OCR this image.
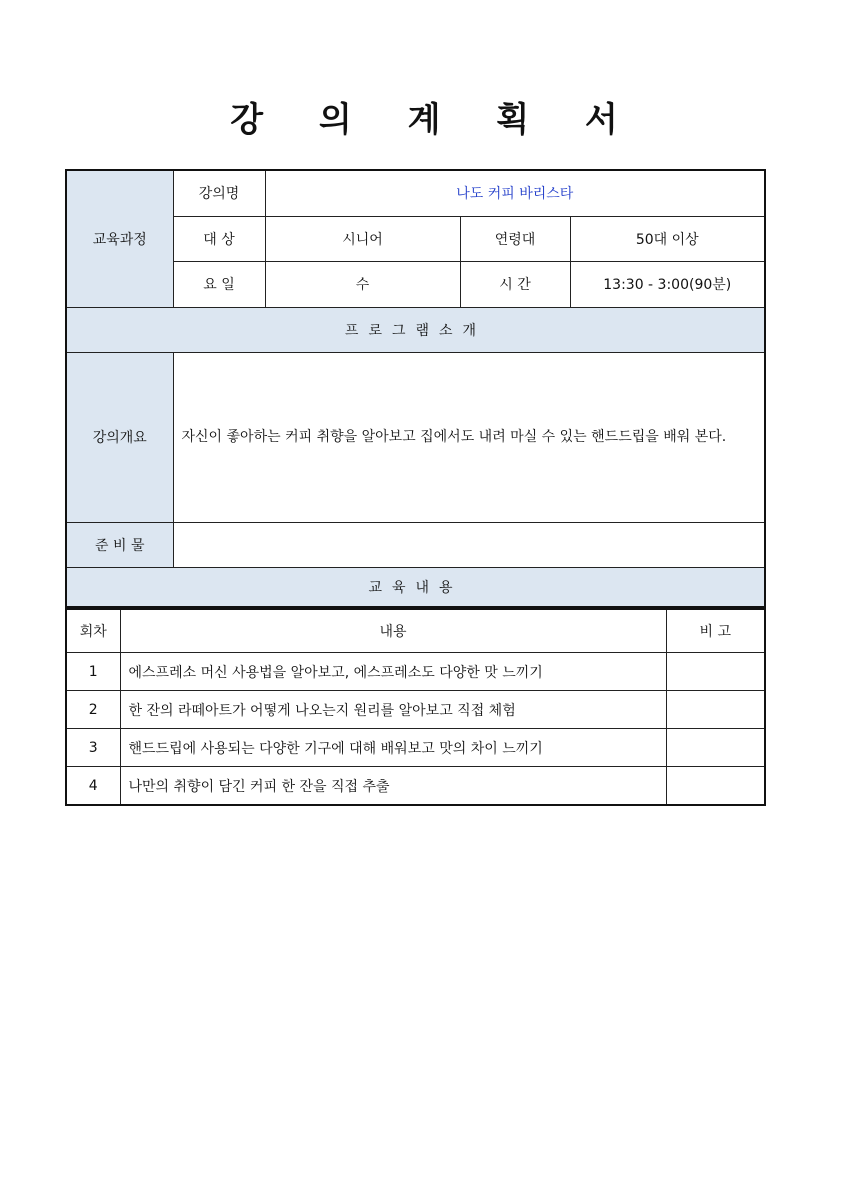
강 의 계 획 서
교육과정	강의명	나도 커피 바리스타		
	대 상	시니어	연령대	50대 이상
	요 일	수	시 간	13:30 - 3:00(90분)
프로그램소개				
강의개요	자신이 좋아하는 커피 취향을 알아보고 집에서도 내려 마실 수 있는 핸드드립을 배워 본다.			
준 비 물				
교육내용				
회차	내용	비 고
1	에스프레소 머신 사용법을 알아보고, 에스프레소도 다양한 맛 느끼기	
2	한 잔의 라떼아트가 어떻게 나오는지 원리를 알아보고 직접 체험	
3	핸드드립에 사용되는 다양한 기구에 대해 배워보고 맛의 차이 느끼기	
4	나만의 취향이 담긴 커피 한 잔을 직접 추출	
